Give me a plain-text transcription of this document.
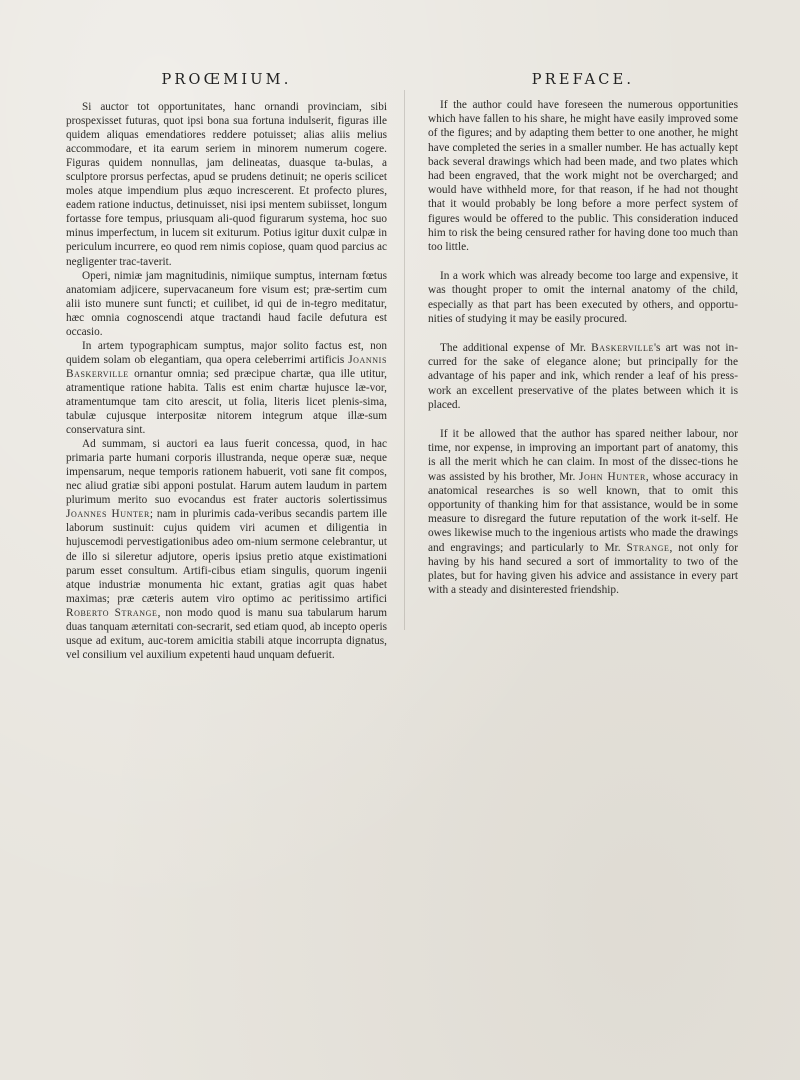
PROŒMIUM.

Si auctor tot opportunitates, hanc ornandi provinciam, sibi prospexisset futuras, quot ipsi bona sua fortuna indulserit, figuras ille quidem aliquas emendatiores reddere potuisset; alias aliis melius accommodare, et ita earum seriem in minorem numerum cogere. Figuras quidem nonnullas, jam delineatas, duasque ta-bulas, a sculptore prorsus perfectas, apud se prudens detinuit; ne operis scilicet moles atque impendium plus æquo increscerent. Et profecto plures, eadem ratione inductus, detinuisset, nisi ipsi mentem subiisset, longum fortasse fore tempus, priusquam ali-quod figurarum systema, hoc suo minus imperfectum, in lucem sit exiturum. Potius igitur duxit culpæ in periculum incurrere, eo quod rem nimis copiose, quam quod parcius ac negligenter trac-taverit.

Operi, nimiæ jam magnitudinis, nimiique sumptus, internam fœtus anatomiam adjicere, supervacaneum fore visum est; præ-sertim cum alii isto munere sunt functi; et cuilibet, id qui de in-tegro meditatur, hæc omnia cognoscendi atque tractandi haud facile defutura est occasio.

In artem typographicam sumptus, major solito factus est, non quidem solam ob elegantiam, qua opera celeberrimi artificis Joannis Baskerville ornantur omnia; sed præcipue chartæ, qua ille utitur, atramentique ratione habita. Talis est enim chartæ hujusce læ-vor, atramentumque tam cito arescit, ut folia, literis licet plenis-sima, tabulæ cujusque interpositæ nitorem integrum atque illæ-sum conservatura sint.

Ad summam, si auctori ea laus fuerit concessa, quod, in hac primaria parte humani corporis illustranda, neque operæ suæ, neque impensarum, neque temporis rationem habuerit, voti sane fit compos, nec aliud gratiæ sibi apponi postulat. Harum autem laudum in partem plurimum merito suo evocandus est frater auctoris solertissimus Joannes Hunter; nam in plurimis cada-veribus secandis partem ille laborum sustinuit: cujus quidem viri acumen et diligentia in hujuscemodi pervestigationibus adeo om-nium sermone celebrantur, ut de illo si sileretur adjutore, operis ipsius pretio atque existimationi parum esset consultum. Artifi-cibus etiam singulis, quorum ingenii atque industriæ monumenta hic extant, gratias agit quas habet maximas; præ cæteris autem viro optimo ac peritissimo artifici Roberto Strange, non modo quod is manu sua tabularum harum duas tanquam æternitati con-secrarit, sed etiam quod, ab incepto operis usque ad exitum, auc-torem amicitia stabili atque incorrupta dignatus, vel consilium vel auxilium expetenti haud unquam defuerit.

PREFACE.

If the author could have foreseen the numerous opportunities which have fallen to his share, he might have easily improved some of the figures; and by adapting them better to one another, he might have completed the series in a smaller number. He has actually kept back several drawings which had been made, and two plates which had been engraved, that the work might not be overcharged; and would have withheld more, for that reason, if he had not thought that it would probably be long before a more perfect system of figures would be offered to the public. This consideration induced him to risk the being censured rather for having done too much than too little.

In a work which was already become too large and expensive, it was thought proper to omit the internal anatomy of the child, especially as that part has been executed by others, and opportu-nities of studying it may be easily procured.

The additional expense of Mr. Baskerville's art was not in-curred for the sake of elegance alone; but principally for the advantage of his paper and ink, which render a leaf of his press-work an excellent preservative of the plates between which it is placed.

If it be allowed that the author has spared neither labour, nor time, nor expense, in improving an important part of anatomy, this is all the merit which he can claim. In most of the dissec-tions he was assisted by his brother, Mr. John Hunter, whose accuracy in anatomical researches is so well known, that to omit this opportunity of thanking him for that assistance, would be in some measure to disregard the future reputation of the work it-self. He owes likewise much to the ingenious artists who made the drawings and engravings; and particularly to Mr. Strange, not only for having by his hand secured a sort of immortality to two of the plates, but for having given his advice and assistance in every part with a steady and disinterested friendship.
